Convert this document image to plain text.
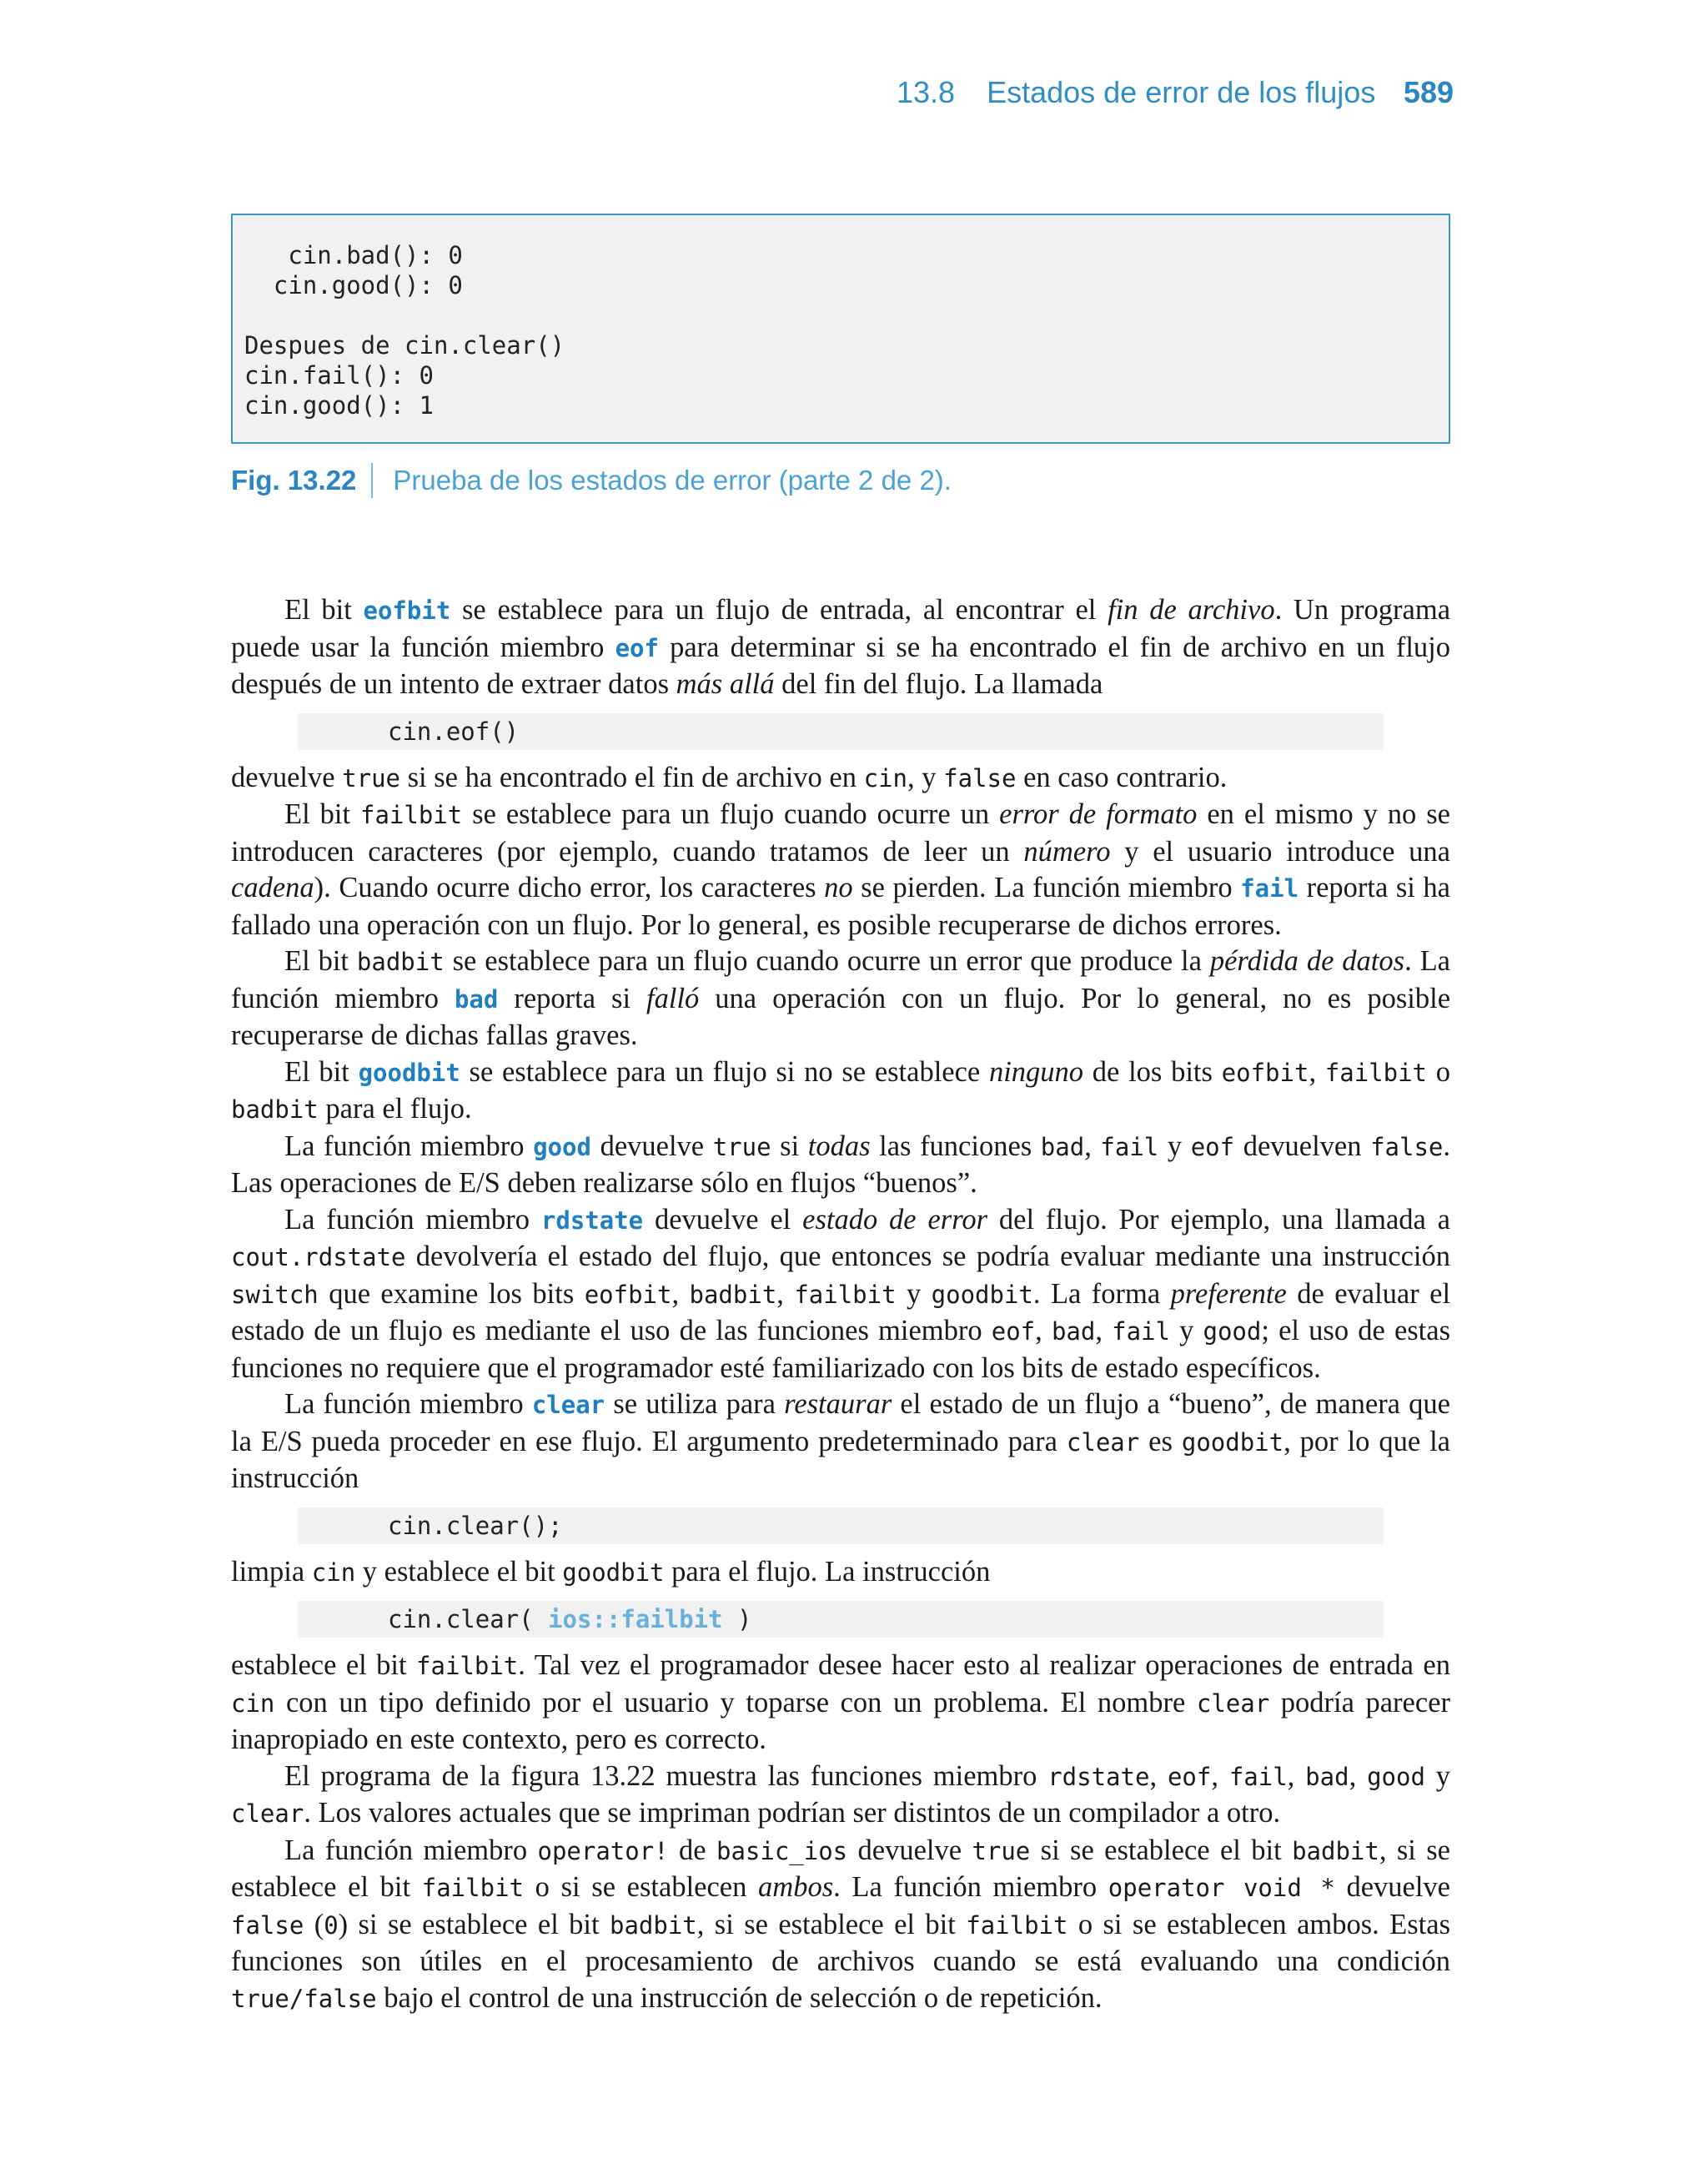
13.8 Estados de error de los flujos 589
cin.bad(): 0
cin.good(): 0

Despues de cin.clear()
cin.fail(): 0
cin.good(): 1
Fig. 13.22 Prueba de los estados de error (parte 2 de 2).

El bit eofbit se establece para un flujo de entrada, al encontrar el fin de archivo. Un programa puede usar la función miembro eof para determinar si se ha encontrado el fin de archivo en un flujo después de un intento de extraer datos más allá del fin del flujo. La llamada

cin.eof()

devuelve true si se ha encontrado el fin de archivo en cin, y false en caso contrario.

El bit failbit se establece para un flujo cuando ocurre un error de formato en el mismo y no se introducen caracteres (por ejemplo, cuando tratamos de leer un número y el usuario introduce una cadena). Cuando ocurre dicho error, los caracteres no se pierden. La función miembro fail reporta si ha fallado una operación con un flujo. Por lo general, es posible recuperarse de dichos errores.

El bit badbit se establece para un flujo cuando ocurre un error que produce la pérdida de datos. La función miembro bad reporta si falló una operación con un flujo. Por lo general, no es posible recuperarse de dichas fallas graves.

El bit goodbit se establece para un flujo si no se establece ninguno de los bits eofbit, failbit o badbit para el flujo.

La función miembro good devuelve true si todas las funciones bad, fail y eof devuelven false. Las operaciones de E/S deben realizarse sólo en flujos “buenos”.

La función miembro rdstate devuelve el estado de error del flujo. Por ejemplo, una llamada a cout.rdstate devolvería el estado del flujo, que entonces se podría evaluar mediante una instrucción switch que examine los bits eofbit, badbit, failbit y goodbit. La forma preferente de evaluar el estado de un flujo es mediante el uso de las funciones miembro eof, bad, fail y good; el uso de estas funciones no requiere que el programador esté familiarizado con los bits de estado específicos.

La función miembro clear se utiliza para restaurar el estado de un flujo a “bueno”, de manera que la E/S pueda proceder en ese flujo. El argumento predeterminado para clear es goodbit, por lo que la instrucción

cin.clear();

limpia cin y establece el bit goodbit para el flujo. La instrucción

cin.clear( ios::failbit )

establece el bit failbit. Tal vez el programador desee hacer esto al realizar operaciones de entrada en cin con un tipo definido por el usuario y toparse con un problema. El nombre clear podría parecer inapropiado en este contexto, pero es correcto.

El programa de la figura 13.22 muestra las funciones miembro rdstate, eof, fail, bad, good y clear. Los valores actuales que se impriman podrían ser distintos de un compilador a otro.

La función miembro operator! de basic_ios devuelve true si se establece el bit badbit, si se establece el bit failbit o si se establecen ambos. La función miembro operator void * devuelve false (0) si se establece el bit badbit, si se establece el bit failbit o si se establecen ambos. Estas funciones son útiles en el procesamiento de archivos cuando se está evaluando una condición true/false bajo el control de una instrucción de selección o de repetición.
